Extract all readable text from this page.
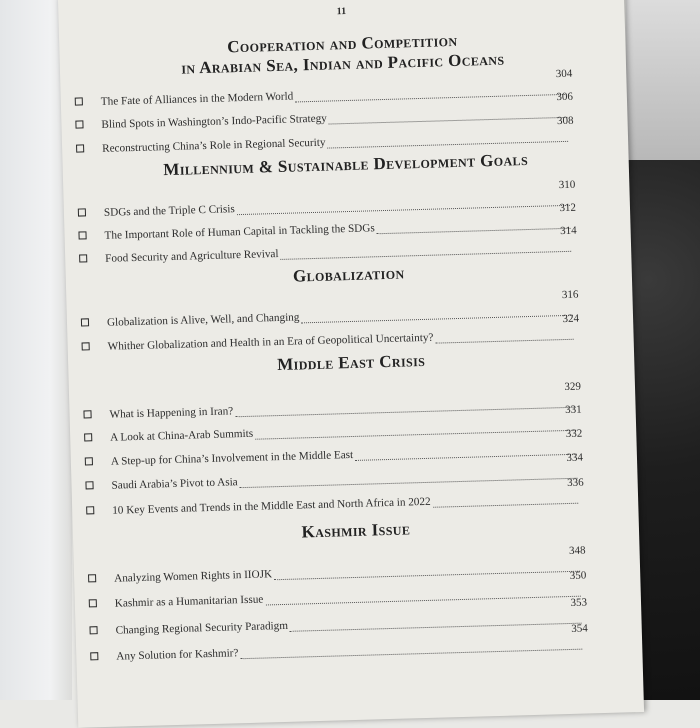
11
Cooperation and Competition
in Arabian Sea, Indian and Pacific Oceans
The Fate of Alliances in the Modern World
304
Blind Spots in Washington’s Indo-Pacific Strategy
306
Reconstructing China’s Role in Regional Security
308
Millennium & Sustainable Development Goals
SDGs and the Triple C Crisis
310
The Important Role of Human Capital in Tackling the SDGs
312
Food Security and Agriculture Revival
314
Globalization
Globalization is Alive, Well, and Changing
316
Whither Globalization and Health in an Era of Geopolitical Uncertainty?
324
Middle East Crisis
What is Happening in Iran?
329
A Look at China-Arab Summits
331
A Step-up for China’s Involvement in the Middle East
332
Saudi Arabia’s Pivot to Asia
334
10 Key Events and Trends in the Middle East and North Africa in 2022
336
Kashmir Issue
Analyzing Women Rights in IIOJK
348
Kashmir as a Humanitarian Issue
350
Changing Regional Security Paradigm
353
Any Solution for Kashmir?
354
